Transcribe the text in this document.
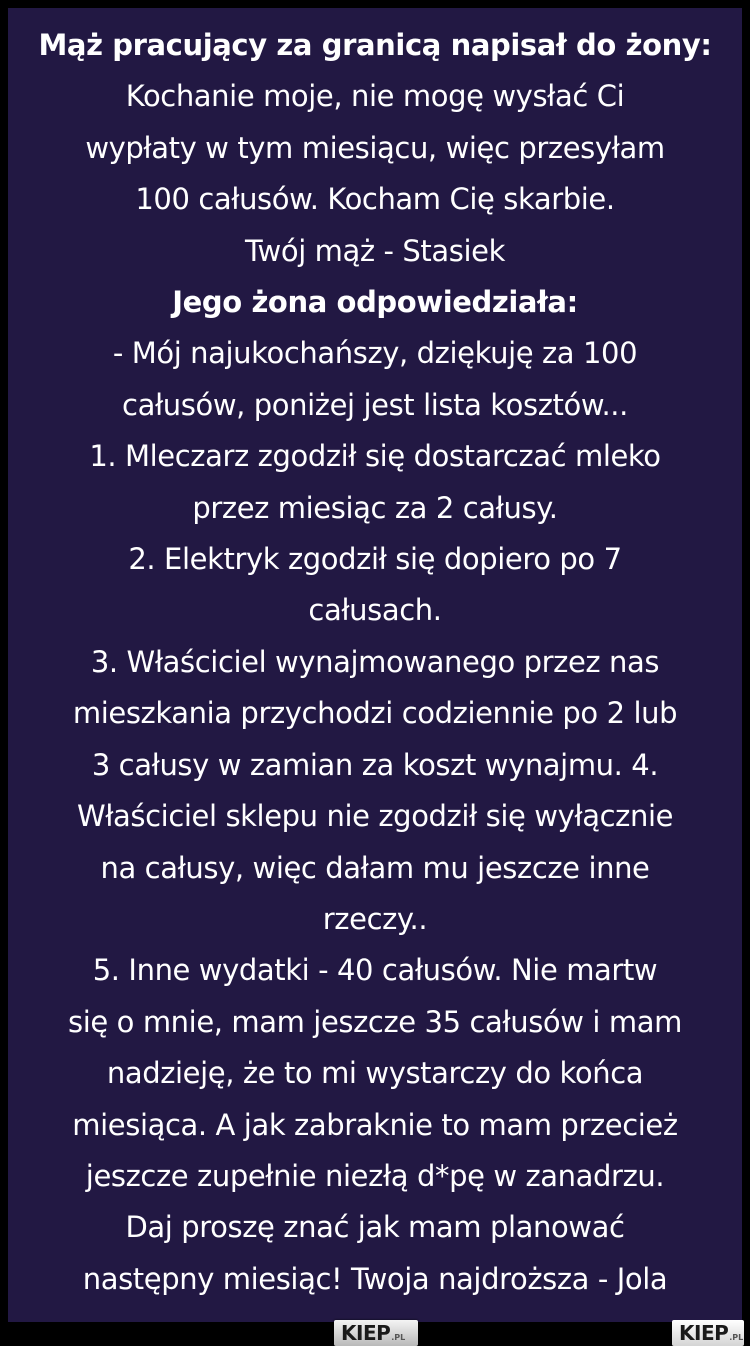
Mąż pracujący za granicą napisał do żony:
Kochanie moje, nie mogę wysłać Ci
wypłaty w tym miesiącu, więc przesyłam
100 całusów. Kocham Cię skarbie.
Twój mąż - Stasiek
Jego żona odpowiedziała:
- Mój najukochańszy, dziękuję za 100
całusów, poniżej jest lista kosztów...
1. Mleczarz zgodził się dostarczać mleko
przez miesiąc za 2 całusy.
2. Elektryk zgodził się dopiero po 7
całusach.
3. Właściciel wynajmowanego przez nas
mieszkania przychodzi codziennie po 2 lub
3 całusy w zamian za koszt wynajmu. 4.
Właściciel sklepu nie zgodził się wyłącznie
na całusy, więc dałam mu jeszcze inne
rzeczy..
5. Inne wydatki - 40 całusów. Nie martw
się o mnie, mam jeszcze 35 całusów i mam
nadzieję, że to mi wystarczy do końca
miesiąca. A jak zabraknie to mam przecież
jeszcze zupełnie niezłą d*pę w zanadrzu.
Daj proszę znać jak mam planować
następny miesiąc! Twoja najdroższa - Jola
KIEP .PL	KIEP .PL
